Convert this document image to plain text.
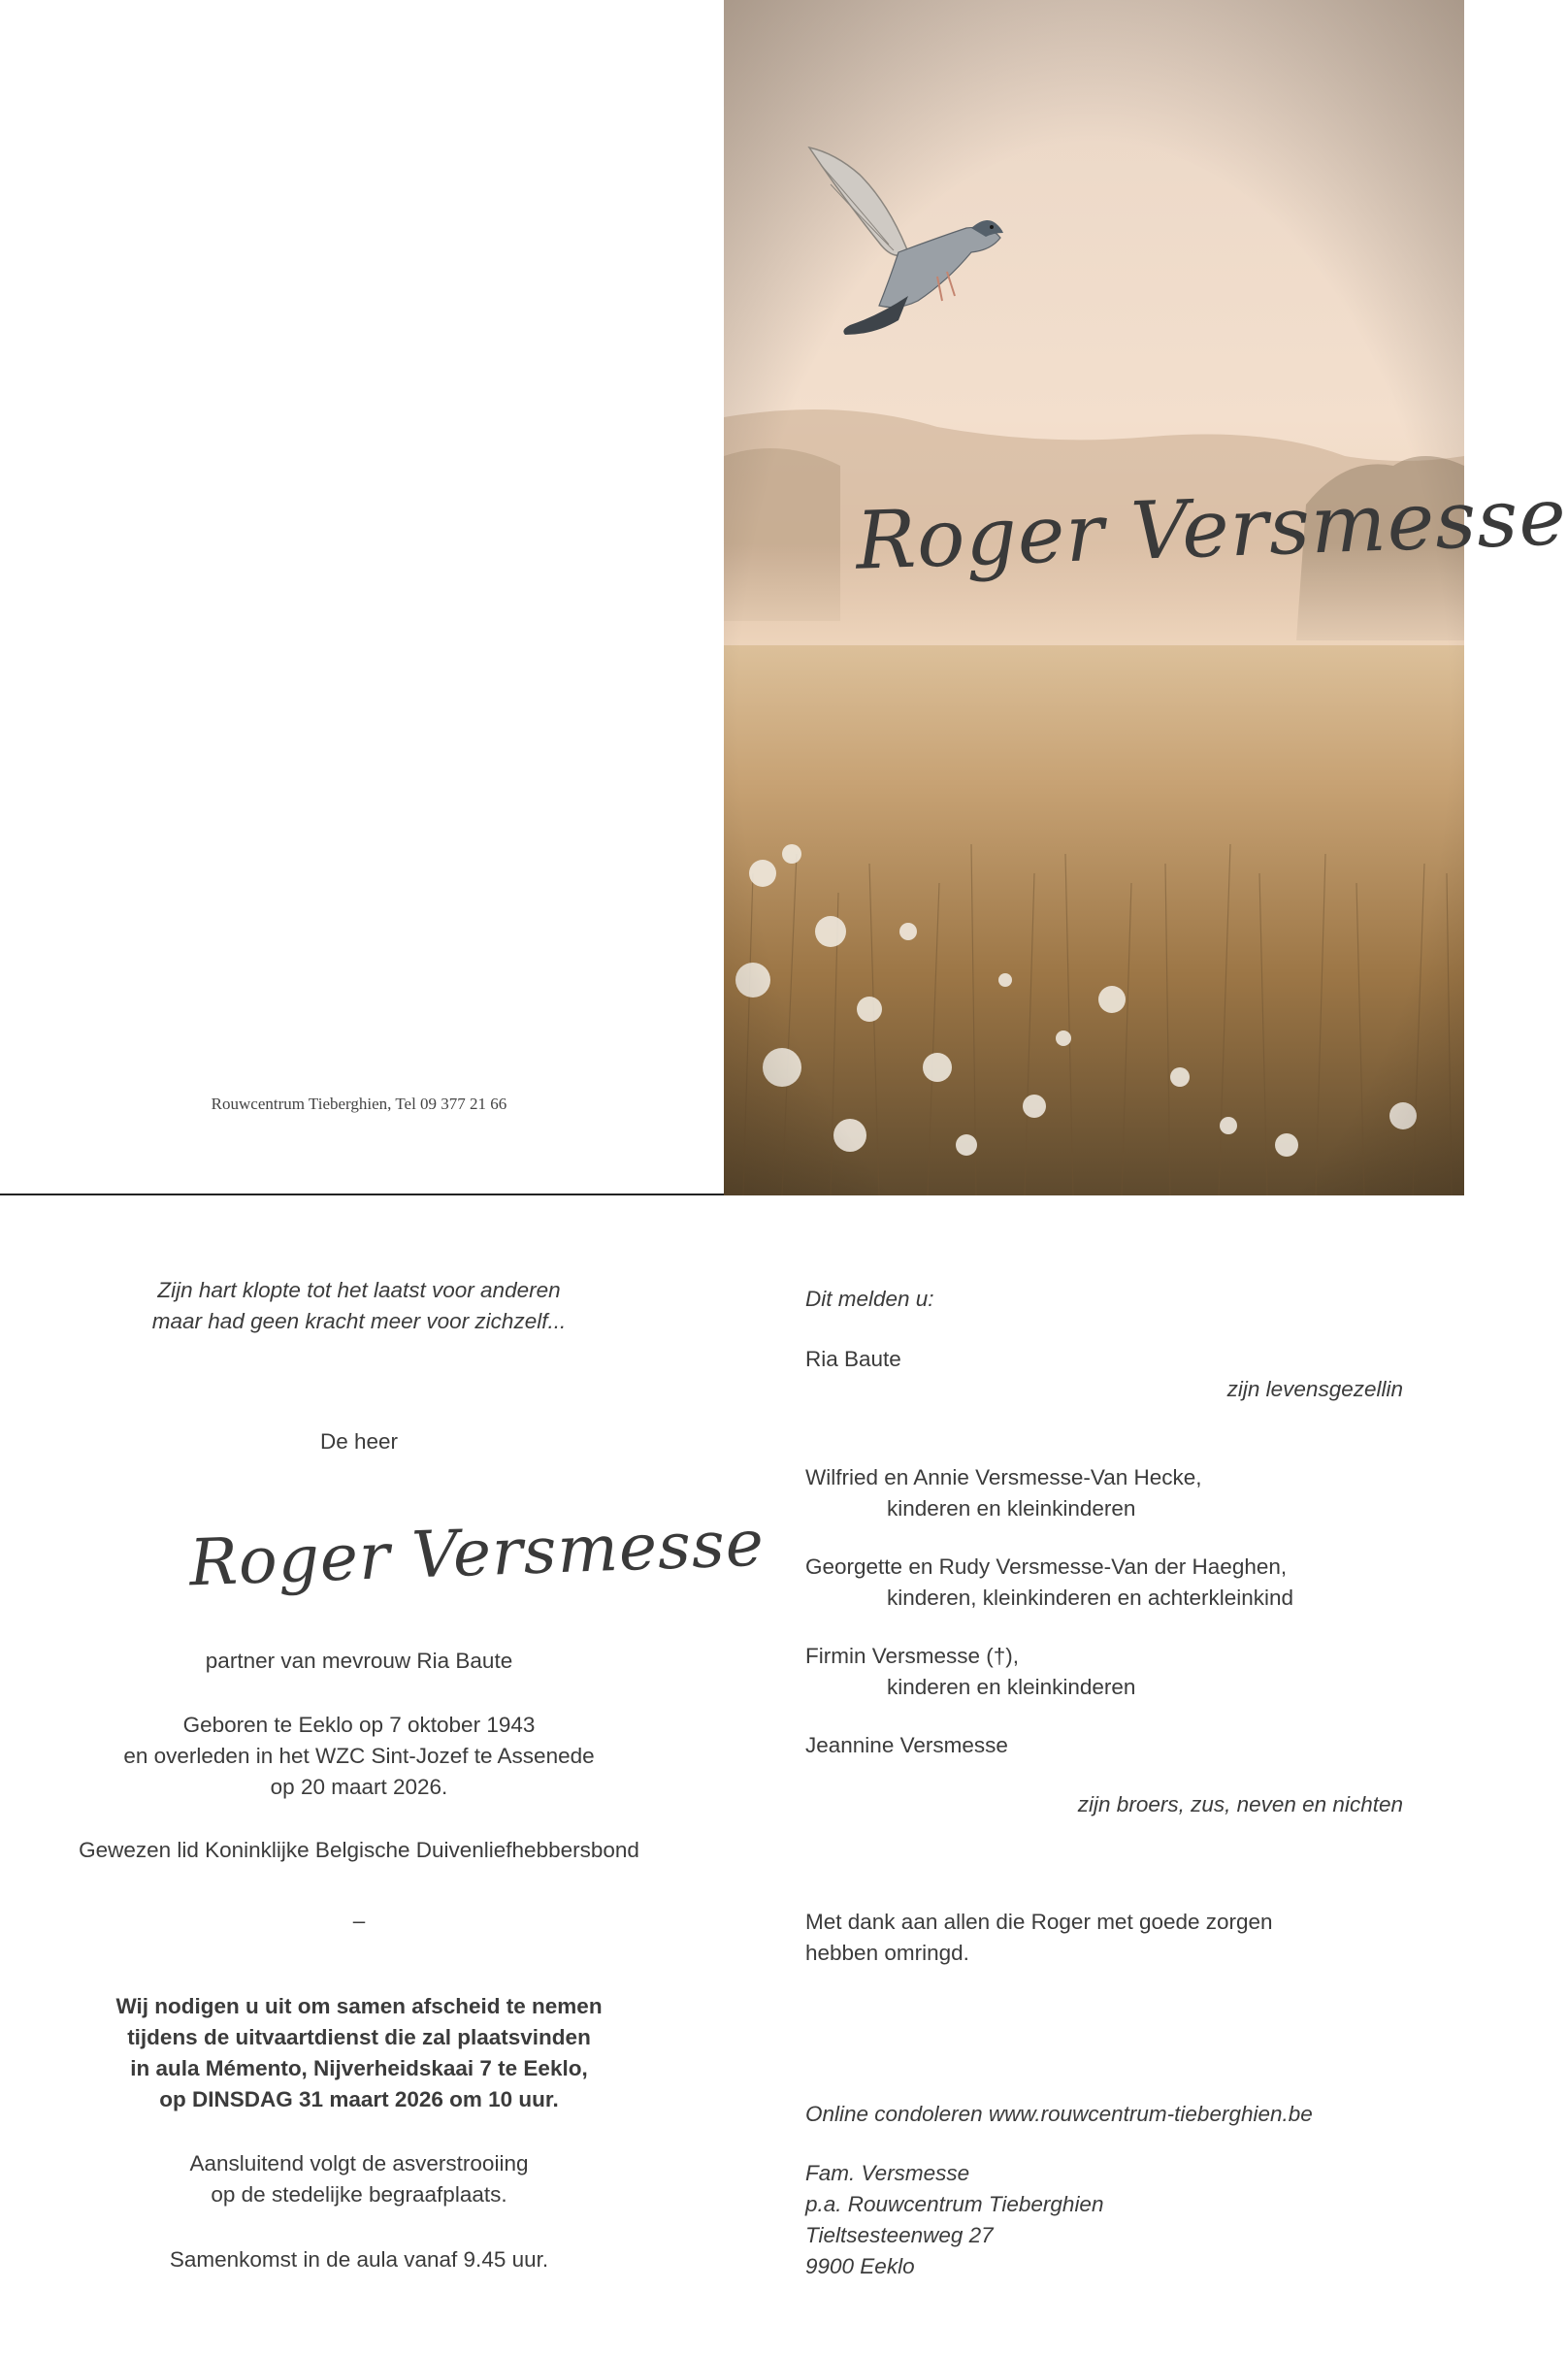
Rouwcentrum Tieberghien, Tel 09 377 21 66
Roger Versmesse
Zijn hart klopte tot het laatst voor anderen
maar had geen kracht meer voor zichzelf...
De heer
Roger Versmesse
partner van mevrouw Ria Baute
Geboren te Eeklo op 7 oktober 1943
en overleden in het WZC Sint-Jozef te Assenede
op 20 maart 2026.
Gewezen lid Koninklijke Belgische Duivenliefhebbersbond
–
Wij nodigen u uit om samen afscheid te nemen
tijdens de uitvaartdienst die zal plaatsvinden
in aula Mémento, Nijverheidskaai 7 te Eeklo,
op DINSDAG 31 maart 2026 om 10 uur.
Aansluitend volgt de asverstrooiing
op de stedelijke begraafplaats.
Samenkomst in de aula vanaf 9.45 uur.
Dit melden u:
Ria Baute
zijn levensgezellin
Wilfried en Annie Versmesse-Van Hecke,
kinderen en kleinkinderen
Georgette en Rudy Versmesse-Van der Haeghen,
kinderen, kleinkinderen en achterkleinkind
Firmin Versmesse (†),
kinderen en kleinkinderen
Jeannine Versmesse
zijn broers, zus, neven en nichten
Met dank aan allen die Roger met goede zorgen
hebben omringd.
Online condoleren www.rouwcentrum-tieberghien.be
Fam. Versmesse
p.a. Rouwcentrum Tieberghien
Tieltsesteenweg 27
9900 Eeklo
